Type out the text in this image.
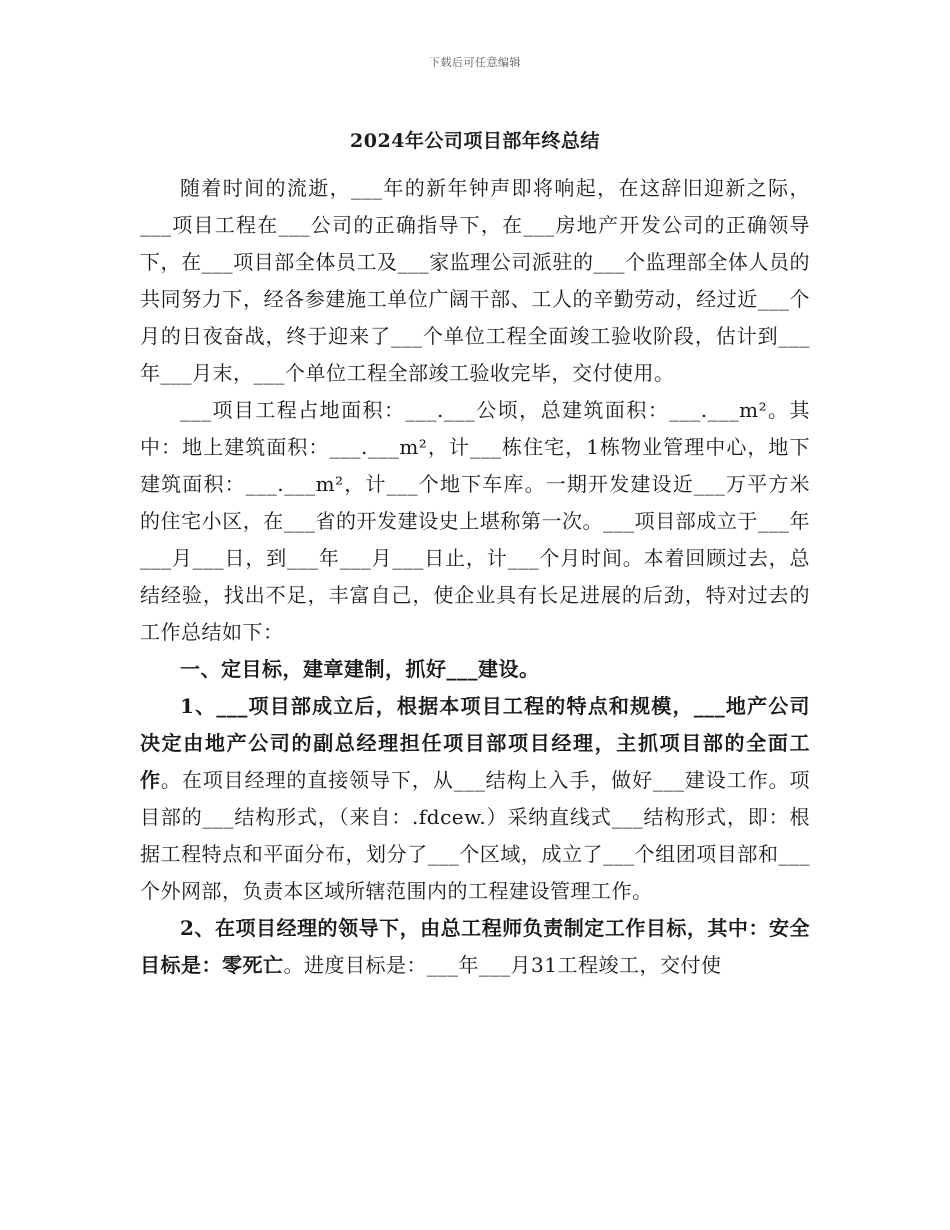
下载后可任意编辑
2024年公司项目部年终总结

随着时间的流逝，___年的新年钟声即将响起，在这辞旧迎新之际，___项目工程在___公司的正确指导下，在___房地产开发公司的正确领导下，在___项目部全体员工及___家监理公司派驻的___个监理部全体人员的共同努力下，经各参建施工单位广阔干部、工人的辛勤劳动，经过近___个月的日夜奋战，终于迎来了___个单位工程全面竣工验收阶段，估计到___年___月末，___个单位工程全部竣工验收完毕，交付使用。

___项目工程占地面积：___.___公顷，总建筑面积：___.___m²。其中：地上建筑面积：___.___m²，计___栋住宅，1栋物业管理中心，地下建筑面积：___.___m²，计___个地下车库。一期开发建设近___万平方米的住宅小区，在___省的开发建设史上堪称第一次。___项目部成立于___年___月___日，到___年___月___日止，计___个月时间。本着回顾过去，总结经验，找出不足，丰富自己，使企业具有长足进展的后劲，特对过去的工作总结如下：

一、定目标，建章建制，抓好___建设。

1、___项目部成立后，根据本项目工程的特点和规模，___地产公司决定由地产公司的副总经理担任项目部项目经理，主抓项目部的全面工作。在项目经理的直接领导下，从___结构上入手，做好___建设工作。项目部的___结构形式，（来自：.fdcew.）采纳直线式___结构形式，即：根据工程特点和平面分布，划分了___个区域，成立了___个组团项目部和___个外网部，负责本区域所辖范围内的工程建设管理工作。

2、在项目经理的领导下，由总工程师负责制定工作目标，其中：安全目标是：零死亡。进度目标是：___年___月31工程竣工，交付使
